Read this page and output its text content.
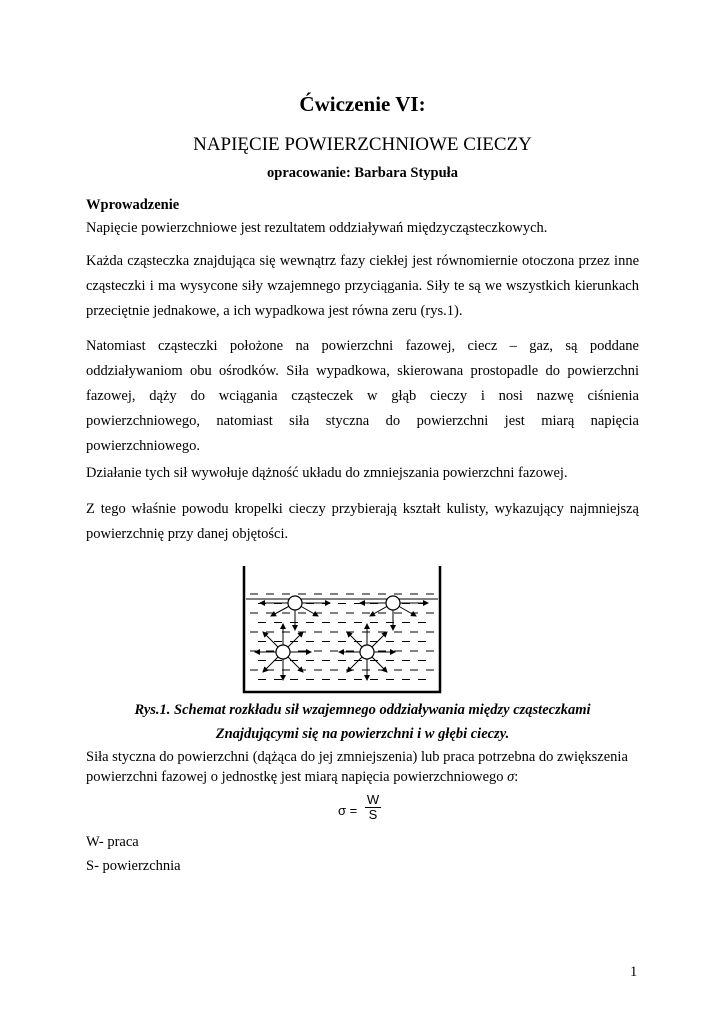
Ćwiczenie VI:
NAPIĘCIE POWIERZCHNIOWE CIECZY
opracowanie: Barbara Stypuła
Wprowadzenie

Napięcie powierzchniowe jest rezultatem oddziaływań międzycząsteczkowych.

Każda cząsteczka znajdująca się wewnątrz fazy ciekłej jest równomiernie otoczona przez inne cząsteczki i ma wysycone siły wzajemnego przyciągania. Siły te są we wszystkich kierunkach przeciętnie jednakowe, a ich wypadkowa jest równa zeru (rys.1).

Natomiast cząsteczki położone na powierzchni fazowej, ciecz – gaz, są poddane oddziaływaniom obu ośrodków. Siła wypadkowa, skierowana prostopadle do powierzchni fazowej, dąży do wciągania cząsteczek w głąb cieczy i nosi nazwę ciśnienia powierzchniowego, natomiast siła styczna do powierzchni jest miarą napięcia powierzchniowego.

Działanie tych sił wywołuje dążność układu do zmniejszania powierzchni fazowej.

Z tego właśnie powodu kropelki cieczy przybierają kształt kulisty, wykazujący najmniejszą powierzchnię przy danej objętości.

Rys.1. Schemat rozkładu sił wzajemnego oddziaływania między cząsteczkami
Znajdującymi się na powierzchni i w głębi cieczy.

Siła styczna do powierzchni (dążąca do jej zmniejszenia) lub praca potrzebna do zwiększenia powierzchni fazowej o jednostkę jest miarą napięcia powierzchniowego σ:

$\sigma = \frac{W}{S}$
W- praca
S- powierzchnia
1
